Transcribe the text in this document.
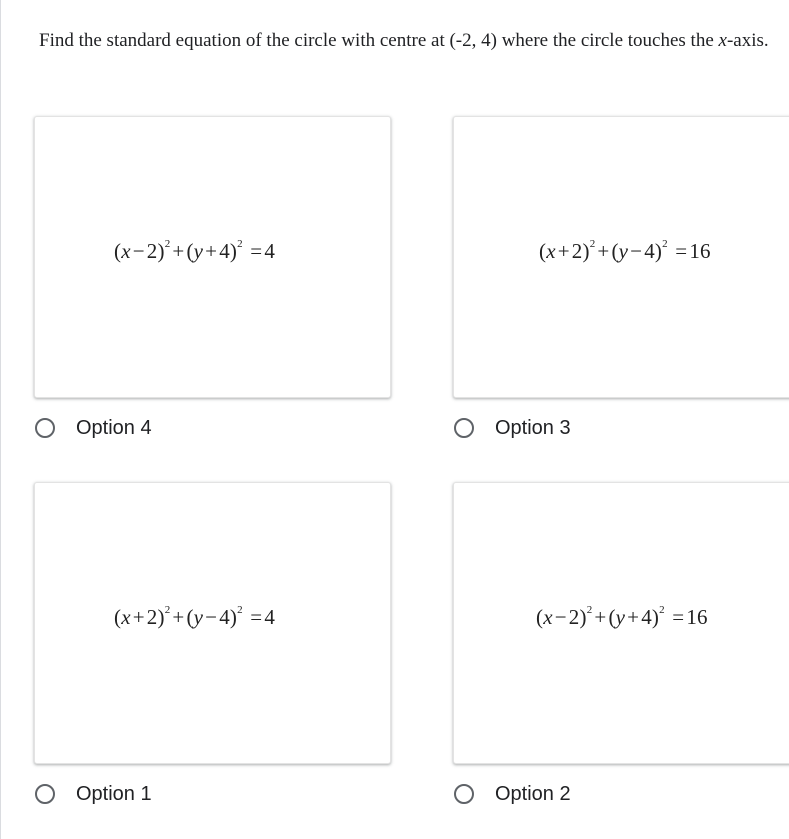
Find the standard equation of the circle with centre at (-2, 4) where the circle touches the x-axis.
$(x-2)^2+(y+4)^2 =4$
Option 4
$(x+2)^2+(y-4)^2 =16$
Option 3
$(x+2)^2+(y-4)^2 =4$
Option 1
$(x-2)^2+(y+4)^2 =16$
Option 2
